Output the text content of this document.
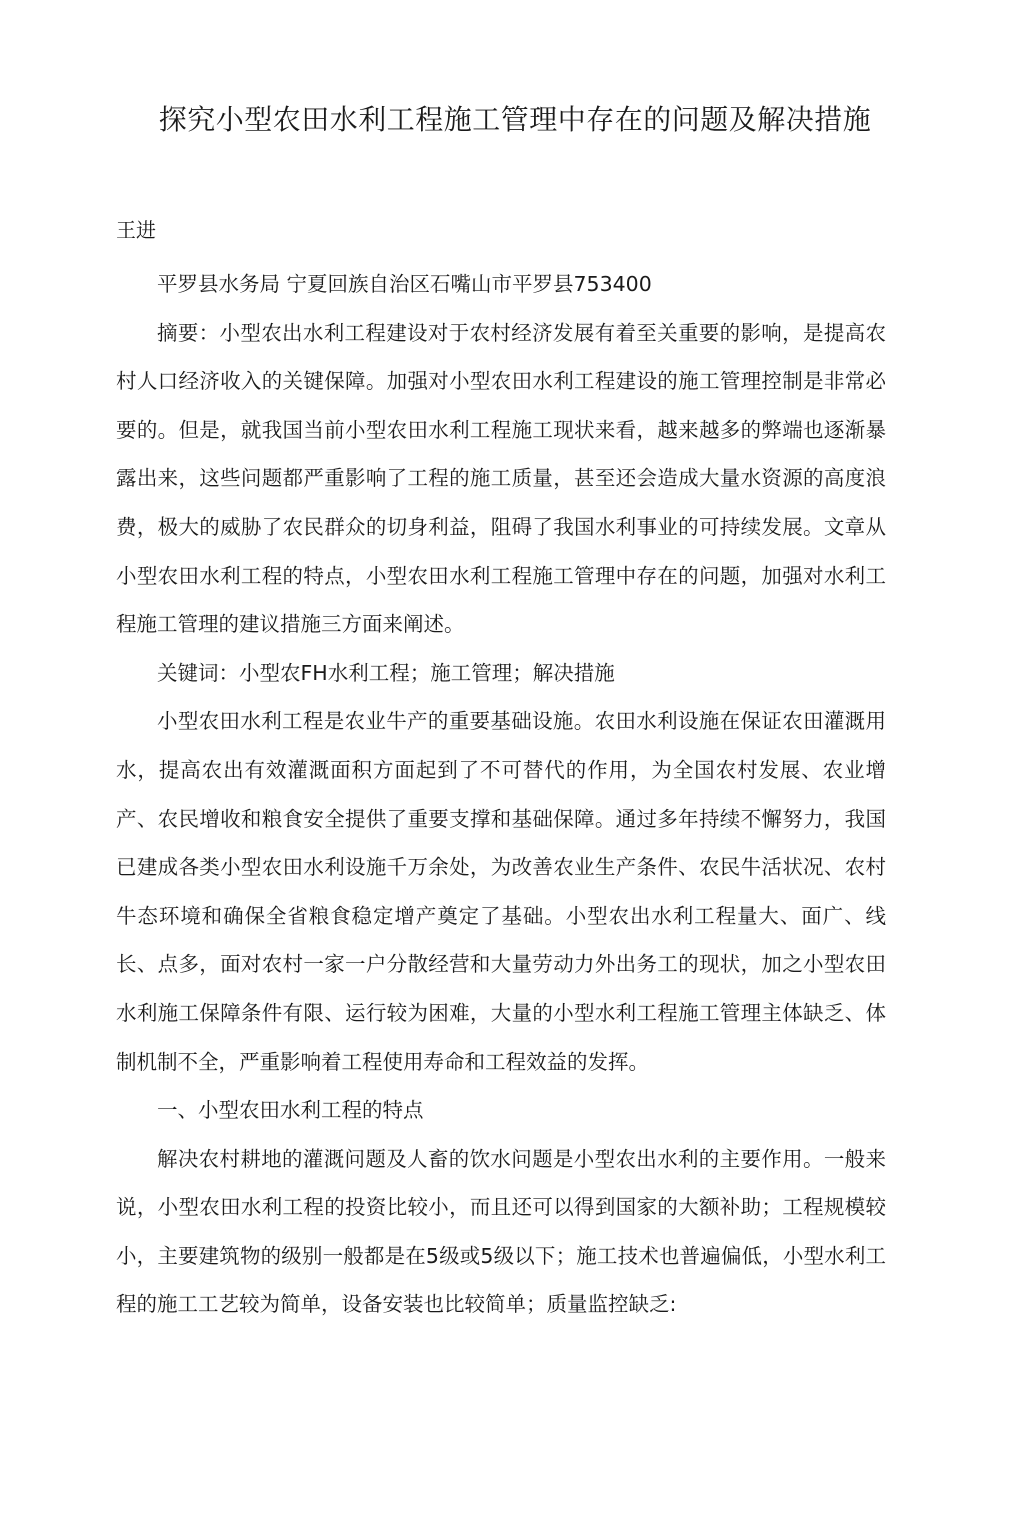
探究小型农田水利工程施工管理中存在的问题及解决措施
王进

平罗县水务局 宁夏回族自治区石嘴山市平罗县753400

摘要：小型农出水利工程建设对于农村经济发展有着至关重要的影响，是提高农村人口经济收入的关键保障。加强对小型农田水利工程建设的施工管理控制是非常必要的。但是，就我国当前小型农田水利工程施工现状来看，越来越多的弊端也逐渐暴露出来，这些问题都严重影响了工程的施工质量，甚至还会造成大量水资源的高度浪费，极大的威胁了农民群众的切身利益，阻碍了我国水利事业的可持续发展。文章从小型农田水利工程的特点，小型农田水利工程施工管理中存在的问题，加强对水利工程施工管理的建议措施三方面来阐述。

关键词：小型农FH水利工程；施工管理；解决措施

小型农田水利工程是农业牛产的重要基础设施。农田水利设施在保证农田灌溉用水，提高农出有效灌溉面积方面起到了不可替代的作用，为全国农村发展、农业增产、农民增收和粮食安全提供了重要支撑和基础保障。通过多年持续不懈努力，我国已建成各类小型农田水利设施千万余处，为改善农业生产条件、农民牛活状况、农村牛态环境和确保全省粮食稳定增产奠定了基础。小型农出水利工程量大、面广、线长、点多，面对农村一家一户分散经营和大量劳动力外出务工的现状，加之小型农田水利施工保障条件有限、运行较为困难，大量的小型水利工程施工管理主体缺乏、体制机制不全，严重影响着工程使用寿命和工程效益的发挥。

一、小型农田水利工程的特点

解决农村耕地的灌溉问题及人畜的饮水问题是小型农出水利的主要作用。一般来说，小型农田水利工程的投资比较小，而且还可以得到国家的大额补助；工程规模较小，主要建筑物的级别一般都是在5级或5级以下；施工技术也普遍偏低，小型水利工程的施工工艺较为简单，设备安装也比较简单；质量监控缺乏:
